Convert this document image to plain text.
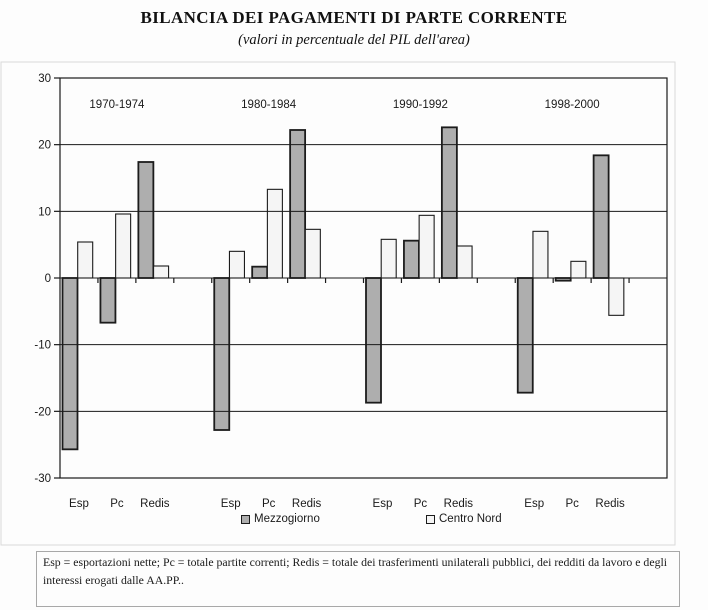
BILANCIA DEI PAGAMENTI DI PARTE CORRENTE
(valori in percentuale del PIL dell'area)
30
20
10
0
-10
-20
-30
1970-1974	1980-1984	1990-1992	1998-2000
Esp Pc Redis	Esp Pc Redis	Esp Pc Redis	Esp Pc Redis
Mezzogiorno	Centro Nord
Esp = esportazioni nette; Pc = totale partite correnti; Redis = totale dei trasferimenti unilaterali pubblici, dei redditi da lavoro e degli interessi erogati dalle AA.PP..
